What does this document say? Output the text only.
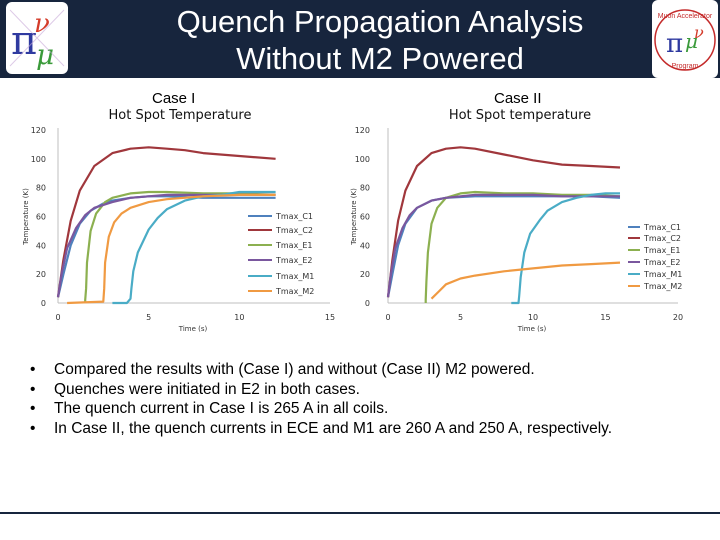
π
ν
μ
Quench Propagation Analysis
Without M2 Powered
Muon Accelerator
π μ
ν
Program
Case I	Case II
Hot Spot Temperature
0
20
40
60
80
100
120
0	5	10	15
Temperature (K)
Time (s)
Tmax_C1
Tmax_C2
Tmax_E1
Tmax_E2
Tmax_M1
Tmax_M2
Hot Spot temperature
0
20
40
60
80
100
120
0	5	10	15	20
Temperature (K)
Time (s)
Tmax_C1
Tmax_C2
Tmax_E1
Tmax_E2
Tmax_M1
Tmax_M2
• Compared the results with (Case I) and without (Case II) M2 powered.
• Quenches were initiated in E2 in both cases.
• The quench current in Case I is 265 A in all coils.
• In Case II, the quench currents in ECE and M1 are 260 A and 250 A, respectively.
